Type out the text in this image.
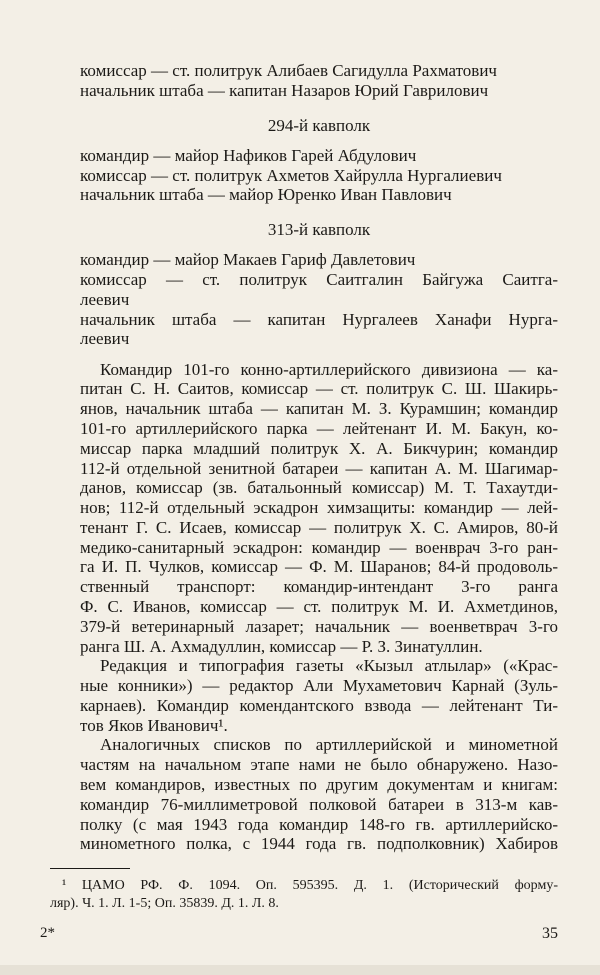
комиссар — ст. политрук Алибаев Сагидулла Рахматович
начальник штаба — капитан Назаров Юрий Гаврилович
294-й кавполк
командир — майор Нафиков Гарей Абдулович
комиссар — ст. политрук Ахметов Хайрулла Нургалиевич
начальник штаба — майор Юренко Иван Павлович
313-й кавполк
командир — майор Макаев Гариф Давлетович
комиссар — ст. политрук Саитгалин Байгужа Саитга-
леевич
начальник штаба — капитан Нургалеев Ханафи Нурга-
леевич
Командир 101-го конно-артиллерийского дивизиона — ка-
питан С. Н. Саитов, комиссар — ст. политрук С. Ш. Шакирь-
янов, начальник штаба — капитан М. З. Курамшин; командир
101-го артиллерийского парка — лейтенант И. М. Бакун, ко-
миссар парка младший политрук Х. А. Бикчурин; командир
112-й отдельной зенитной батареи — капитан А. М. Шагимар-
данов, комиссар (зв. батальонный комиссар) М. Т. Тахаутди-
нов; 112-й отдельный эскадрон химзащиты: командир — лей-
тенант Г. С. Исаев, комиссар — политрук Х. С. Амиров, 80-й
медико-санитарный эскадрон: командир — военврач 3-го ран-
га И. П. Чулков, комиссар — Ф. М. Шаранов; 84-й продоволь-
ственный транспорт: командир-интендант 3-го ранга
Ф. С. Иванов, комиссар — ст. политрук М. И. Ахметдинов,
379-й ветеринарный лазарет; начальник — военветврач 3-го
ранга Ш. А. Ахмадуллин, комиссар — Р. З. Зинатуллин.
Редакция и типография газеты «Кызыл атлылар» («Крас-
ные конники») — редактор Али Мухаметович Карнай (Зуль-
карнаев). Командир комендантского взвода — лейтенант Ти-
тов Яков Иванович¹.
Аналогичных списков по артиллерийской и минометной
частям на начальном этапе нами не было обнаружено. Назо-
вем командиров, известных по другим документам и книгам:
командир 76-миллиметровой полковой батареи в 313-м кав-
полку (с мая 1943 года командир 148-го гв. артиллерийско-
минометного полка, с 1944 года гв. подполковник) Хабиров
¹ ЦАМО РФ. Ф. 1094. Оп. 595395. Д. 1. (Исторический форму-
ляр). Ч. 1. Л. 1-5; Оп. 35839. Д. 1. Л. 8.
2*	35
